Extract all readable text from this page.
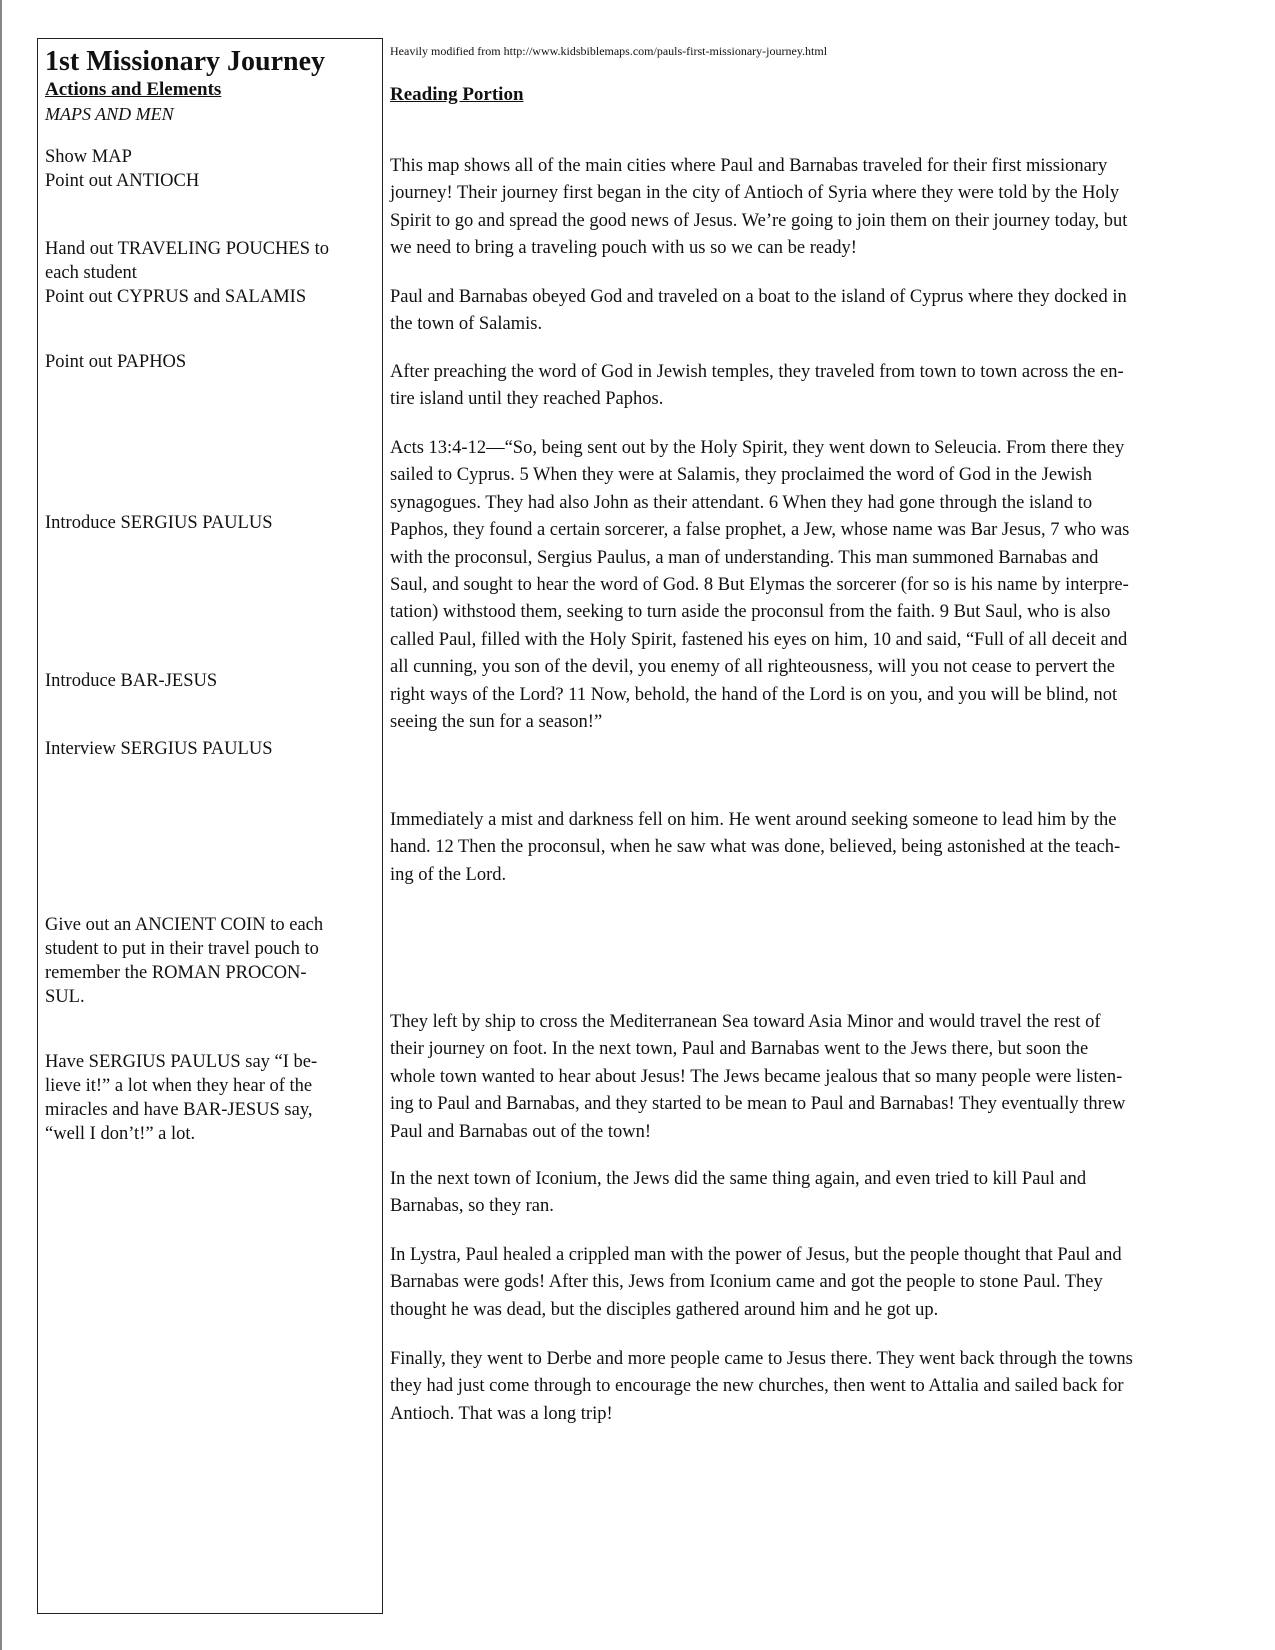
1st Missionary Journey
Actions and Elements
MAPS AND MEN
Show MAP
Point out ANTIOCH
Hand out TRAVELING POUCHES to
each student
Point out CYPRUS and SALAMIS
Point out PAPHOS
Introduce SERGIUS PAULUS
Introduce BAR-JESUS
Interview SERGIUS PAULUS
Give out an ANCIENT COIN to each
student to put in their travel pouch to
remember the ROMAN PROCON-
SUL.
Have SERGIUS PAULUS say “I be-
lieve it!” a lot when they hear of the
miracles and have BAR-JESUS say,
“well I don’t!” a lot.
Heavily modified from http://www.kidsbiblemaps.com/pauls-first-missionary-journey.html
Reading Portion
This map shows all of the main cities where Paul and Barnabas traveled for their first missionary
journey! Their journey first began in the city of Antioch of Syria where they were told by the Holy
Spirit to go and spread the good news of Jesus. We’re going to join them on their journey today, but
we need to bring a traveling pouch with us so we can be ready!
Paul and Barnabas obeyed God and traveled on a boat to the island of Cyprus where they docked in
the town of Salamis.
After preaching the word of God in Jewish temples, they traveled from town to town across the en-
tire island until they reached Paphos.
Acts 13:4-12—“So, being sent out by the Holy Spirit, they went down to Seleucia. From there they
sailed to Cyprus. 5 When they were at Salamis, they proclaimed the word of God in the Jewish
synagogues. They had also John as their attendant. 6 When they had gone through the island to
Paphos, they found a certain sorcerer, a false prophet, a Jew, whose name was Bar Jesus, 7 who was
with the proconsul, Sergius Paulus, a man of understanding. This man summoned Barnabas and
Saul, and sought to hear the word of God. 8 But Elymas the sorcerer (for so is his name by interpre-
tation) withstood them, seeking to turn aside the proconsul from the faith. 9 But Saul, who is also
called Paul, filled with the Holy Spirit, fastened his eyes on him, 10 and said, “Full of all deceit and
all cunning, you son of the devil, you enemy of all righteousness, will you not cease to pervert the
right ways of the Lord? 11 Now, behold, the hand of the Lord is on you, and you will be blind, not
seeing the sun for a season!”
Immediately a mist and darkness fell on him. He went around seeking someone to lead him by the
hand. 12 Then the proconsul, when he saw what was done, believed, being astonished at the teach-
ing of the Lord.
They left by ship to cross the Mediterranean Sea toward Asia Minor and would travel the rest of
their journey on foot. In the next town, Paul and Barnabas went to the Jews there, but soon the
whole town wanted to hear about Jesus! The Jews became jealous that so many people were listen-
ing to Paul and Barnabas, and they started to be mean to Paul and Barnabas! They eventually threw
Paul and Barnabas out of the town!
In the next town of Iconium, the Jews did the same thing again, and even tried to kill Paul and
Barnabas, so they ran.
In Lystra, Paul healed a crippled man with the power of Jesus, but the people thought that Paul and
Barnabas were gods! After this, Jews from Iconium came and got the people to stone Paul. They
thought he was dead, but the disciples gathered around him and he got up.
Finally, they went to Derbe and more people came to Jesus there. They went back through the towns
they had just come through to encourage the new churches, then went to Attalia and sailed back for
Antioch. That was a long trip!
